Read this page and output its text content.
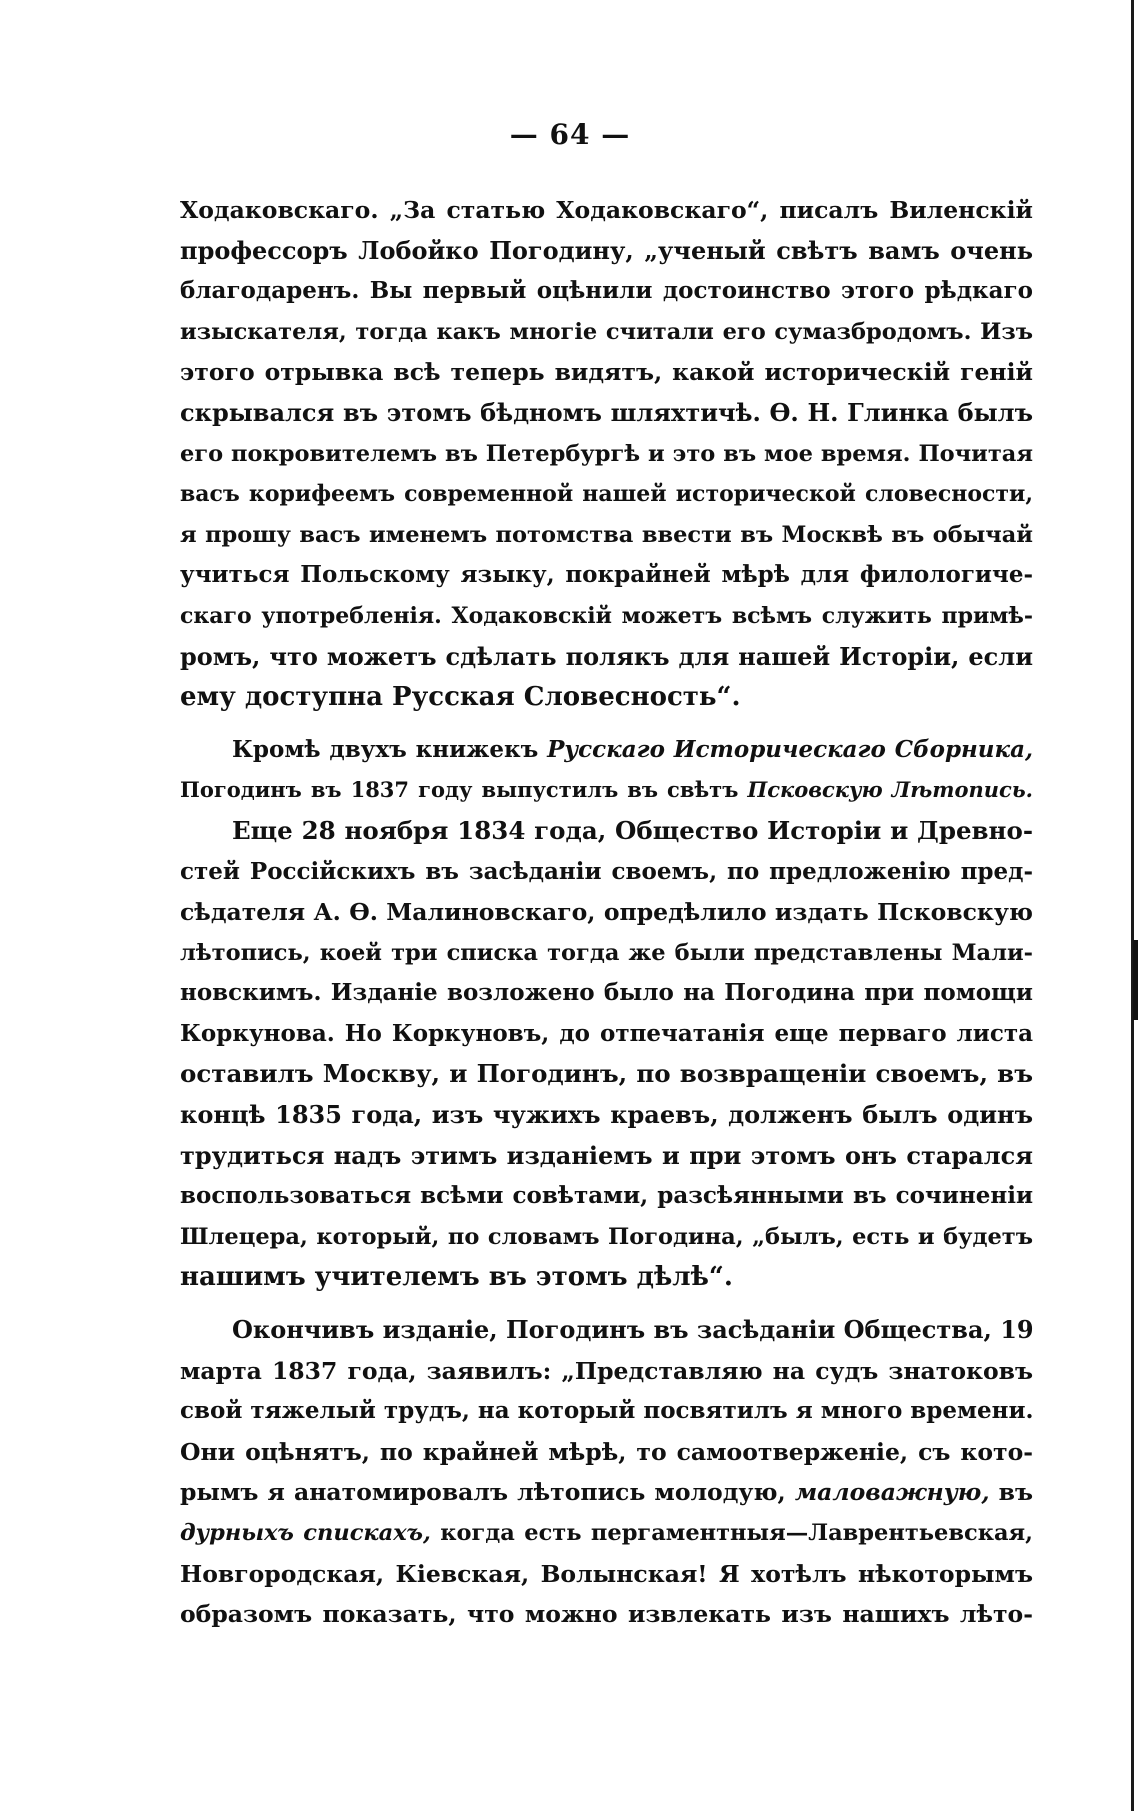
— 64 —
Ходаковскаго. „За статью Ходаковскаго“, писалъ Виленскій
профессоръ Лобойко Погодину, „ученый свѣтъ вамъ очень
благодаренъ. Вы первый оцѣнили достоинство этого рѣдкаго
изыскателя, тогда какъ многіе считали его сумазбродомъ. Изъ
этого отрывка всѣ теперь видятъ, какой историческій геній
скрывался въ этомъ бѣдномъ шляхтичѣ. Ѳ. Н. Глинка былъ
его покровителемъ въ Петербургѣ и это въ мое время. Почитая
васъ корифеемъ современной нашей исторической словесности,
я прошу васъ именемъ потомства ввести въ Москвѣ въ обычай
учиться Польскому языку, покрайней мѣрѣ для филологиче-
скаго употребленія. Ходаковскій можетъ всѣмъ служить примѣ-
ромъ, что можетъ сдѣлать полякъ для нашей Исторіи, если
ему доступна Русская Словесность“.
Кромѣ двухъ книжекъ Русскаго Историческаго Сборника,
Погодинъ въ 1837 году выпустилъ въ свѣтъ Псковскую Лѣтопись.
Еще 28 ноября 1834 года, Общество Исторіи и Древно-
стей Россійскихъ въ засѣданіи своемъ, по предложенію пред-
сѣдателя А. Ѳ. Малиновскаго, опредѣлило издать Псковскую
лѣтопись, коей три списка тогда же были представлены Мали-
новскимъ. Изданіе возложено было на Погодина при помощи
Коркунова. Но Коркуновъ, до отпечатанія еще перваго листа
оставилъ Москву, и Погодинъ, по возвращеніи своемъ, въ
концѣ 1835 года, изъ чужихъ краевъ, долженъ былъ одинъ
трудиться надъ этимъ изданіемъ и при этомъ онъ старался
воспользоваться всѣми совѣтами, разсѣянными въ сочиненіи
Шлецера, который, по словамъ Погодина, „былъ, есть и будетъ
нашимъ учителемъ въ этомъ дѣлѣ“.
Окончивъ изданіе, Погодинъ въ засѣданіи Общества, 19
марта 1837 года, заявилъ: „Представляю на судъ знатоковъ
свой тяжелый трудъ, на который посвятилъ я много времени.
Они оцѣнятъ, по крайней мѣрѣ, то самоотверженіе, съ кото-
рымъ я анатомировалъ лѣтопись молодую, маловажную, въ
дурныхъ спискахъ, когда есть пергаментныя—Лаврентьевская,
Новгородская, Кіевская, Волынская! Я хотѣлъ нѣкоторымъ
образомъ показать, что можно извлекать изъ нашихъ лѣто-
